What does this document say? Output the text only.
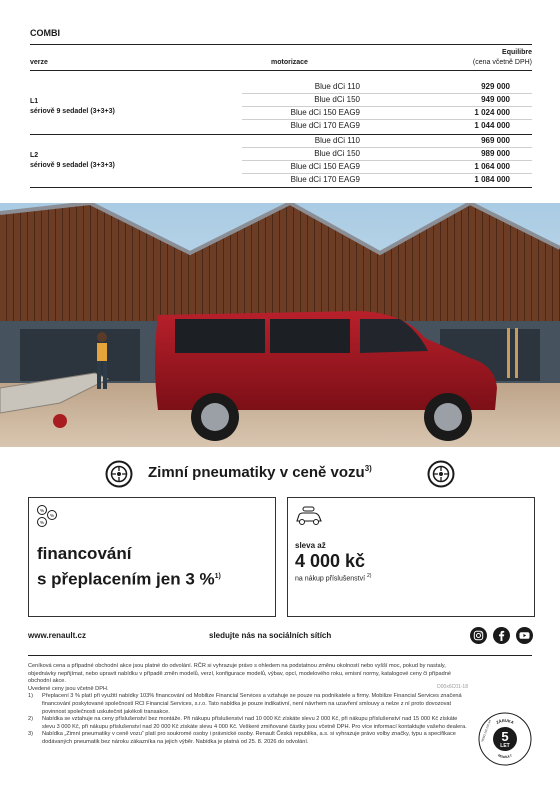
COMBI
verze	motorizace
Equilibre
(cena včetně DPH)
L1
sériově 9 sedadel (3+3+3)
Blue dCi 110	929 000
Blue dCi 150	949 000
Blue dCi 150 EAG9	1 024 000
Blue dCi 170 EAG9	1 044 000
L2
sériově 9 sedadel (3+3+3)
Blue dCi 110	969 000
Blue dCi 150	989 000
Blue dCi 150 EAG9	1 064 000
Blue dCi 170 EAG9	1 084 000
Zimní pneumatiky v ceně vozu$^{3)}$
%
%
%
financování
s přeplacením jen 3 %$^{1)}$
sleva až
4 000 kč
na nákup příslušenství $^{2)}$
www.renault.cz	sledujte nás na sociálních sítích

Ceníková cena a případné obchodní akce jsou platné do odvolání. RČR si vyhrazuje právo s ohledem na podstatnou změnu okolností nebo vyšší moc, pokud by nastaly, objednávky nepřijímat, nebo upravit nabídku v případě změn modelů, verzí, konfigurace modelů, výbav, opcí, modelového roku, emisní normy, katalogové ceny či případné obchodní akce.

D00x6C01-18

Uvedené ceny jsou včetně DPH.

1)	Přeplacení 3 % platí při využití nabídky 103% financování od Mobilize Financial Services a vztahuje se pouze na podnikatele a firmy. Mobilize Financial Services značená financování poskytované společností RCI Financial Services, s.r.o. Tato nabídka je pouze indikativní, není návrhem na uzavření smlouvy a nelze z ní proto dovozovat povinnost společnosti uskutečnit jakékoli transakce.
2)	Nabídka se vztahuje na ceny příslušenství bez montáže. Při nákupu příslušenství nad 10 000 Kč získáte slevu 2 000 Kč, při nákupu příslušenství nad 15 000 Kč získáte slevu 3 000 Kč, při nákupu příslušenství nad 20 000 Kč získáte slevu 4 000 Kč. Veškeré zmiňované částky jsou včetně DPH. Pro více informací kontaktujte vašeho dealera.
3)	Nabídka „Zimní pneumatiky v ceně vozu“ platí pro soukromé osoby i právnické osoby. Renault Česká republika, a.s. si vyhrazuje právo volby značky, typu a specifikace dodávaných pneumatik bez nároku zákazníka na jejich výběr. Nabídka je platná od 25. 8. 2026 do odvolání.
ZÁRUKA
RENAULT
NEBO 200 000 km 5
LET
